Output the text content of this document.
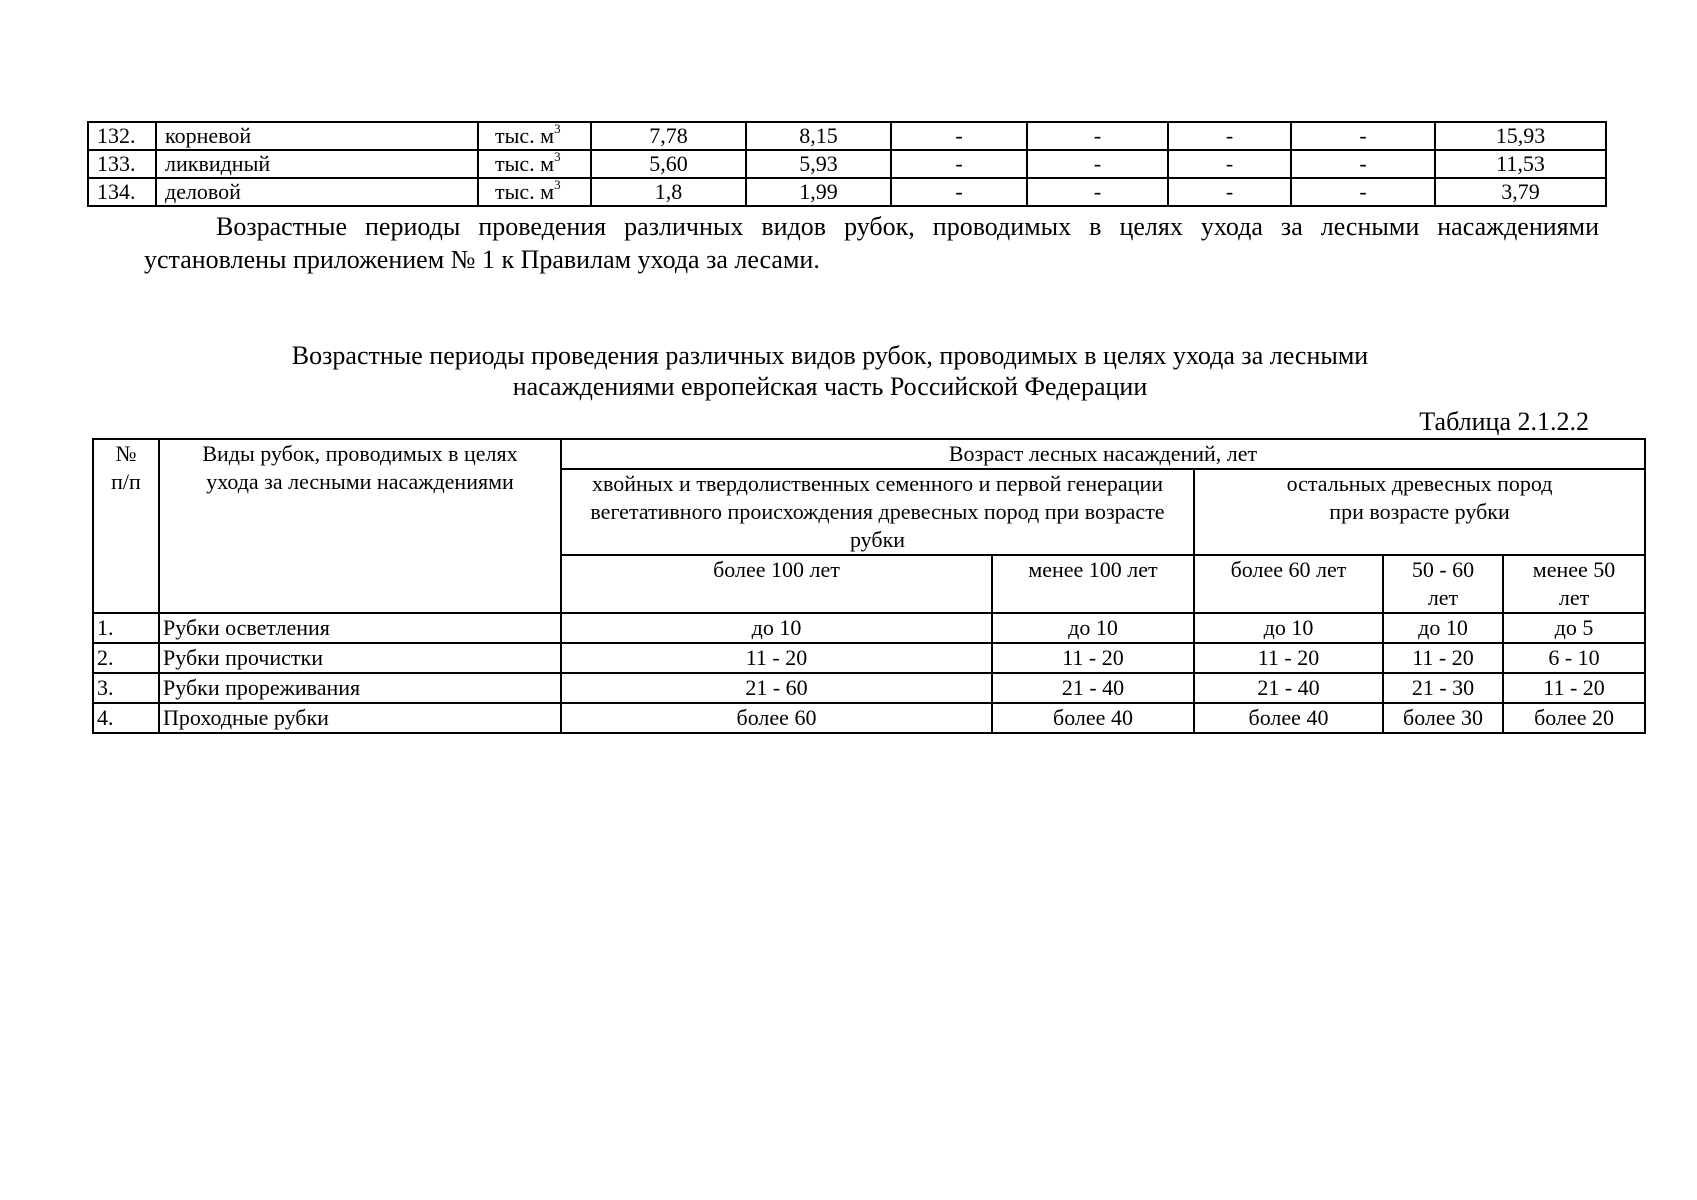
132.	корневой	тыс. $м^3$	7,78	8,15	-	-	-	-	15,93
133.	ликвидный	тыс. $м^3$	5,60	5,93	-	-	-	-	11,53
134.	деловой	тыс. $м^3$	1,8	1,99	-	-	-	-	3,79
Возрастные периоды проведения различных видов рубок, проводимых в целях ухода за лесными насаждениями
установлены приложением № 1 к Правилам ухода за лесами.
Возрастные периоды проведения различных видов рубок, проводимых в целях ухода за лесными
насаждениями европейская часть Российской Федерации
Таблица 2.1.2.2
№ п/п	Виды рубок, проводимых в целях ухода за лесными насаждениями	Возраст лесных насаждений, лет				
		хвойных и твердолиственных семенного и первой генерации вегетативного происхождения древесных пород при возрасте рубки		остальных древесных пород при возрасте рубки		
		более 100 лет	менее 100 лет	более 60 лет	50 - 60 лет	менее 50 лет
1.	Рубки осветления	до 10	до 10	до 10	до 10	до 5
2.	Рубки прочистки	11 - 20	11 - 20	11 - 20	11 - 20	6 - 10
3.	Рубки прореживания	21 - 60	21 - 40	21 - 40	21 - 30	11 - 20
4.	Проходные рубки	более 60	более 40	более 40	более 30	более 20
